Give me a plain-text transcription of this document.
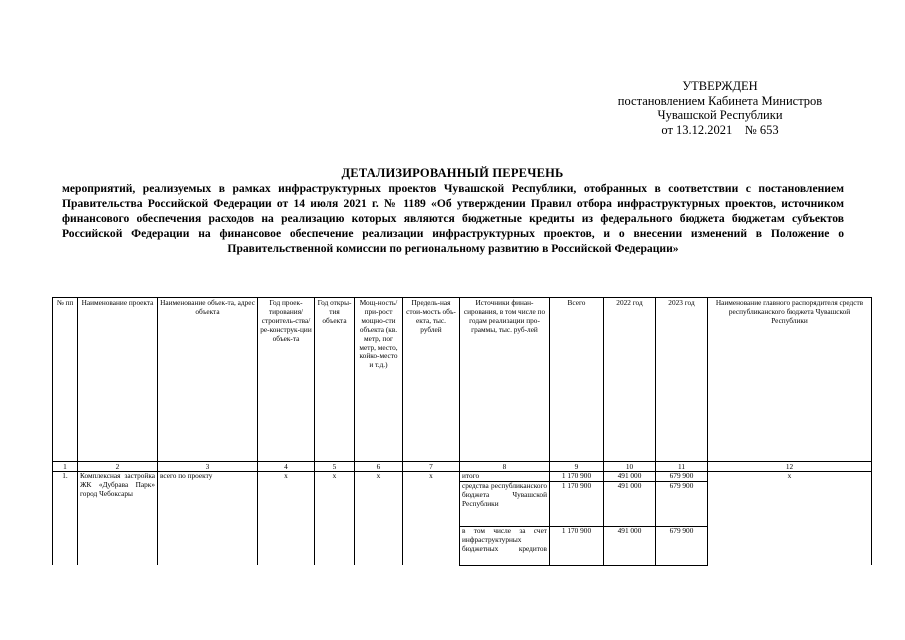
УТВЕРЖДЕН
постановлением Кабинета Министров
Чувашской Республики
от 13.12.2021    № 653
ДЕТАЛИЗИРОВАННЫЙ ПЕРЕЧЕНЬ
мероприятий, реализуемых в рамках инфраструктурных проектов Чувашской Республики, отобранных в соответствии с постановлением Правительства Российской Федерации от 14 июля 2021 г. № 1189 «Об утверждении Правил отбора инфраструктурных проектов, источником финансового обеспечения расходов на реализацию которых являются бюджетные кредиты из федерального бюджета бюджетам субъектов Российской Федерации на финансовое обеспечение реализации инфраструктурных проектов, и о внесении изменений в Положение о Правительственной комиссии по региональному развитию в Российской Федерации»
№ пп	Наименование проекта	Наименование объек-та, адрес объекта	Год проек-тирования/ строитель-ства/ ре-конструк-ции объек-та	Год откры-тия объекта	Мощ-ность/ при-рост мощно-сти объекта (кв. метр, пог метр, место, койко-место и т.д.)	Предель-ная стои-мость объ-екта, тыс. рублей	Источники финан-сирования, в том числе по годам реализации про-граммы, тыс. руб-лей	Всего	2022 год	2023 год	Наименование главного распорядителя средств республиканского бюджета Чувашской Республики
1	2	3	4	5	6	7	8	9	10	11	12
1.	Комплексная застройка ЖК «Дубрава Парк» город Чебоксары	всего по проекту	х	х	х	х	итого	1 170 900	491 000	679 900	х
							средства республиканского бюджета Чувашской Республики	1 170 900	491 000	679 900	
							в том числе за счет инфраструктурных бюджетных кредитов	1 170 900	491 000	679 900	
